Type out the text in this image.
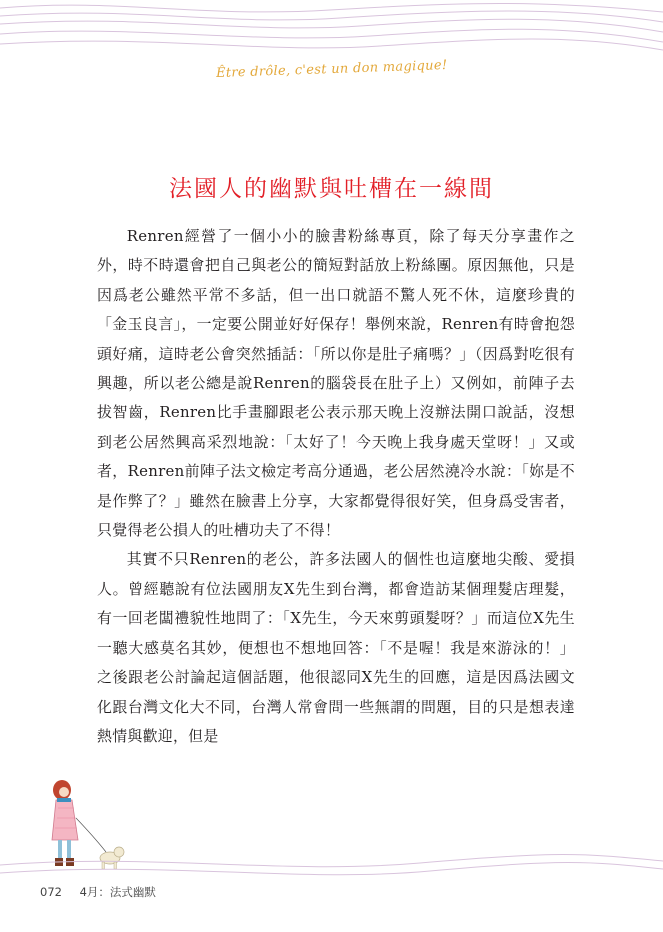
Être drôle, c'est un don magique!
法國人的幽默與吐槽在一線間

Renren經營了一個小小的臉書粉絲專頁，除了每天分享畫作之外，時不時還會把自己與老公的簡短對話放上粉絲團。原因無他，只是因爲老公雖然平常不多話，但一出口就語不驚人死不休，這麼珍貴的「金玉良言」，一定要公開並好好保存！舉例來說，Renren有時會抱怨頭好痛，這時老公會突然插話：「所以你是肚子痛嗎？」（因爲對吃很有興趣，所以老公總是說Renren的腦袋長在肚子上）又例如，前陣子去拔智齒，Renren比手畫腳跟老公表示那天晚上沒辦法開口說話，沒想到老公居然興高采烈地說：「太好了！今天晚上我身處天堂呀！」又或者，Renren前陣子法文檢定考高分通過，老公居然澆冷水說：「妳是不是作弊了？」雖然在臉書上分享，大家都覺得很好笑，但身爲受害者，只覺得老公損人的吐槽功夫了不得！

其實不只Renren的老公，許多法國人的個性也這麼地尖酸、愛損人。曾經聽說有位法國朋友X先生到台灣，都會造訪某個理髮店理髮，有一回老闆禮貌性地問了：「X先生，今天來剪頭髮呀？」而這位X先生一聽大感莫名其妙，便想也不想地回答：「不是喔！我是來游泳的！」之後跟老公討論起這個話題，他很認同X先生的回應，這是因爲法國文化跟台灣文化大不同，台灣人常會問一些無謂的問題，目的只是想表達熱情與歡迎，但是

072 4月：法式幽默
